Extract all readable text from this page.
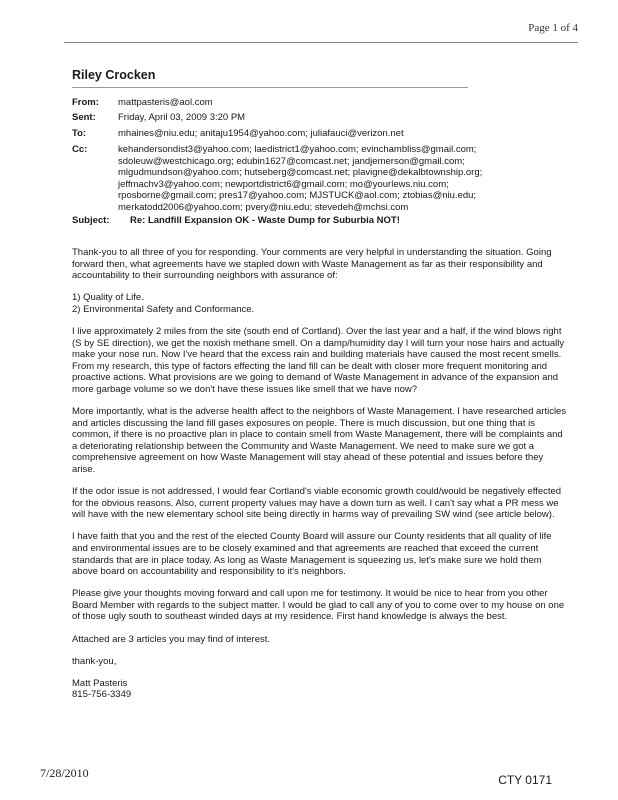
Page 1 of 4
Riley Crocken
From:	mattpasteris@aol.com
Sent:	Friday, April 03, 2009 3:20 PM
To:	mhaines@niu.edu; anitaju1954@yahoo.com; juliafauci@verizon.net
Cc:	kehandersondist3@yahoo.com; laedistrict1@yahoo.com; evinchambliss@gmail.com;
sdoleuw@westchicago.org; edubin1627@comcast.net; jandjemerson@gmail.com;
mlgudmundson@yahoo.com; hutseberg@comcast.net; plavigne@dekalbtownship.org;
jeffmachv3@yahoo.com; newportdistrict6@gmail.com; mo@yourlews.niu.com;
rposborne@gmail.com; pres17@yahoo.com; MJSTUCK@aol.com; ztobias@niu.edu;
merkatodd2006@yahoo.com; pvery@niu.edu; stevedeh@mchsi.com
Subject:	Re: Landfill Expansion OK - Waste Dump for Suburbia NOT!

Thank-you to all three of you for responding. Your comments are very helpful in understanding the situation. Going forward then, what agreements have we stapled down with Waste Management as far as their responsibility and accountability to their surrounding neighbors with assurance of:

1) Quality of Life.

2) Environmental Safety and Conformance.

I live approximately 2 miles from the site (south end of Cortland). Over the last year and a half, if the wind blows right (S by SE direction), we get the noxish methane smell. On a damp/humidity day I will turn your nose hairs and actually make your nose run. Now I've heard that the excess rain and building materials have caused the most recent smells. From my research, this type of factors effecting the land fill can be dealt with closer more frequent monitoring and proactive actions. What provisions are we going to demand of Waste Management in advance of the expansion and more garbage volume so we don't have these issues like smell that we have now?

More importantly, what is the adverse health affect to the neighbors of Waste Management. I have researched articles and articles discussing the land fill gases exposures on people. There is much discussion, but one thing that is common, if there is no proactive plan in place to contain smell from Waste Management, there will be complaints and a deteriorating relationship between the Community and Waste Management. We need to make sure we got a comprehensive agreement on how Waste Management will stay ahead of these potential and issues before they arise.

If the odor issue is not addressed, I would fear Cortland's viable economic growth could/would be negatively effected for the obvious reasons. Also, current property values may have a down turn as well. I can't say what a PR mess we will have with the new elementary school site being directly in harms way of prevailing SW wind (see article below).

I have faith that you and the rest of the elected County Board will assure our County residents that all quality of life and environmental issues are to be closely examined and that agreements are reached that exceed the current standards that are in place today. As long as Waste Management is squeezing us, let's make sure we hold them above board on accountability and responsibility to it's neighbors.

Please give your thoughts moving forward and call upon me for testimony. It would be nice to hear from you other Board Member with regards to the subject matter. I would be glad to call any of you to come over to my house on one of those ugly south to southeast winded days at my residence. First hand knowledge is always the best.

Attached are 3 articles you may find of interest.

thank-you,

Matt Pasteris
815-756-3349
7/28/2010	CTY 0171
